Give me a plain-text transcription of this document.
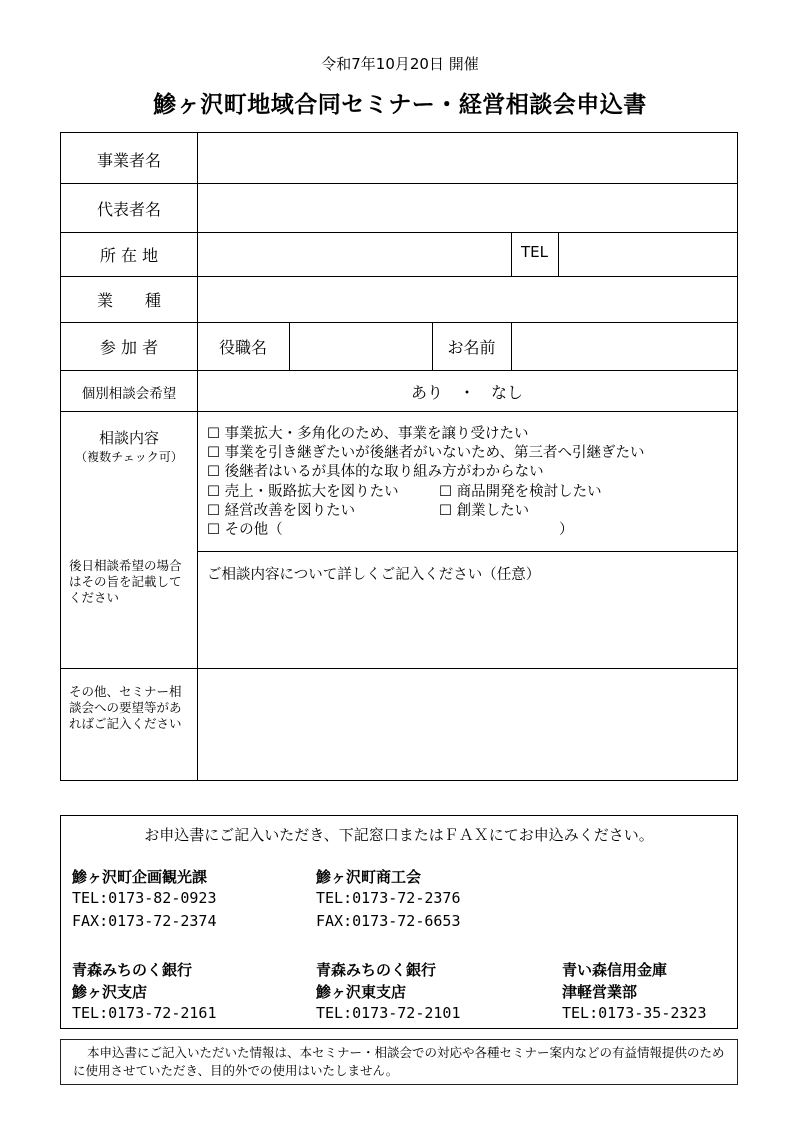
令和7年10月20日 開催
鯵ヶ沢町地域合同セミナー・経営相談会申込書
事業者名
代表者名
所 在 地	TEL
業　　種
参 加 者	役職名	お名前
個別相談会希望	あり　・　なし
相談内容
（複数チェック可）
☐ 事業拡大・多角化のため、事業を譲り受けたい
☐ 事業を引き継ぎたいが後継者がいないため、第三者へ引継ぎたい
☐ 後継者はいるが具体的な取り組み方がわからない
☐ 売上・販路拡大を図りたい	☐ 商品開発を検討したい
☐ 経営改善を図りたい	☐ 創業したい
☐ その他（	）
後日相談希望の場合はその旨を記載してください
ご相談内容について詳しくご記入ください（任意）
その他、セミナー相談会への要望等があればご記入ください
お申込書にご記入いただき、下記窓口またはＦＡＸにてお申込みください。
鯵ヶ沢町企画観光課
TEL:0173-82-0923
FAX:0173-72-2374
鯵ヶ沢町商工会
TEL:0173-72-2376
FAX:0173-72-6653
青森みちのく銀行
鯵ヶ沢支店
TEL:0173-72-2161
青森みちのく銀行
鯵ヶ沢東支店
TEL:0173-72-2101
青い森信用金庫
津軽営業部
TEL:0173-35-2323
本申込書にご記入いただいた情報は、本セミナー・相談会での対応や各種セミナー案内などの有益情報提供のために使用させていただき、目的外での使用はいたしません。
